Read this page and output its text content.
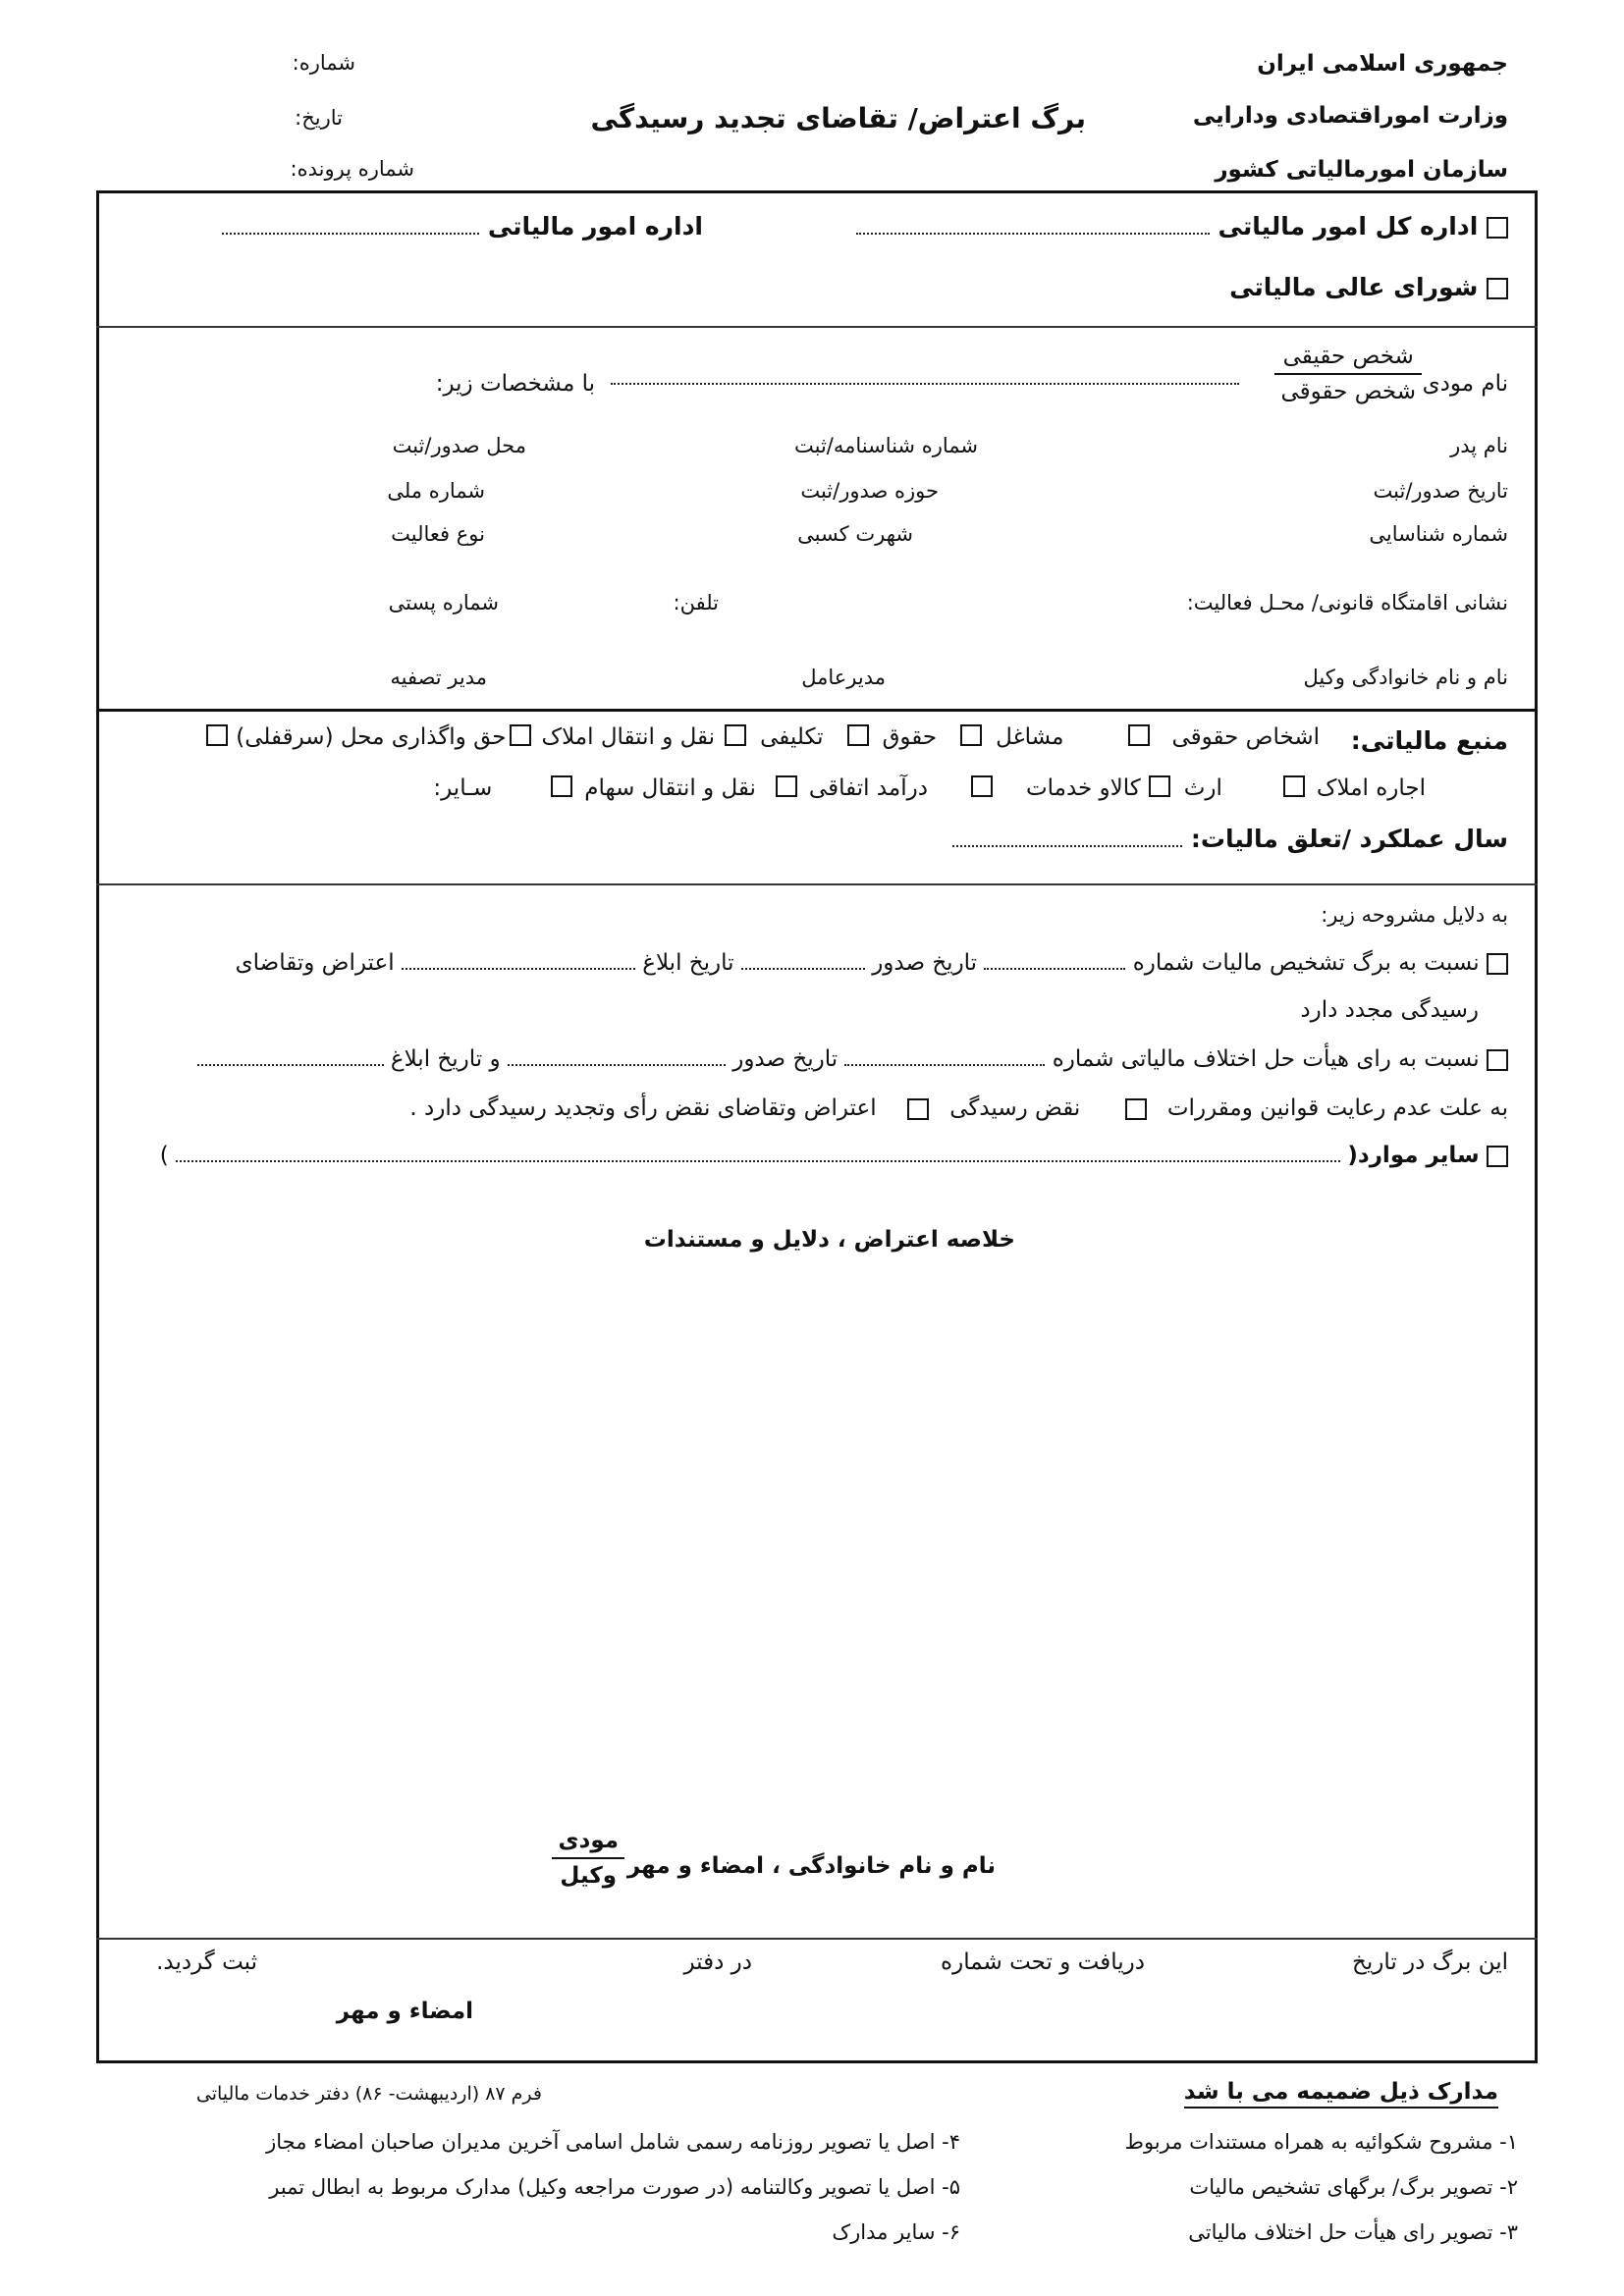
جمهوری اسلامی ایران
وزارت اموراقتصادی ودارایی
سازمان امورمالیاتی کشور
برگ اعتراض/ تقاضای تجدید رسیدگی
شماره:
تاریخ:
شماره پرونده:
اداره کل امور مالیاتی
اداره امور مالیاتی
شورای عالی مالیاتی
نام مودی
$\frac{\text{شخص حقیقی}}{\text{شخص حقوقی}}$
با مشخصات زیر:
نام پدر
شماره شناسنامه/ثبت
محل صدور/ثبت
تاریخ صدور/ثبت
حوزه صدور/ثبت
شماره ملی
شماره شناسایی
شهرت کسبی
نوع فعالیت
نشانی اقامتگاه قانونی/ محـل فعالیت:
تلفن:
شماره پستی
نام و نام خانوادگی وکیل
مدیرعامل
مدیر تصفیه
منبع مالیاتی:
اشخاص حقوقی
مشاغل
حقوق
تکلیفی
نقل و انتقال املاک
حق واگذاری محل (سرقفلی)
اجاره املاک
ارث
کالاو خدمات
درآمد اتفاقی
نقل و انتقال سهام
سـایر:
سال عملکرد /تعلق مالیات:
به دلایل مشروحه زیر:
نسبت به برگ تشخیص مالیات شماره  تاریخ صدور  تاریخ ابلاغ  اعتراض وتقاضای
رسیدگی مجدد دارد
نسبت به رای هیأت حل اختلاف مالیاتی شماره  تاریخ صدور  و تاریخ ابلاغ
به علت عدم رعایت قوانین ومقررات  نقض رسیدگی  اعتراض وتقاضای نقض رأی وتجدید رسیدگی دارد .
سایر موارد(  )
خلاصه اعتراض ، دلایل و مستندات
نام و نام خانوادگی ، امضاء و مهر
$\frac{\text{مودی}}{\text{وکیل}}$
این برگ در تاریخ
دریافت و تحت شماره
در دفتر
ثبت گردید.
امضاء و مهر
مدارک ذیل ضمیمه می با شد
فرم ۸۷ (اردیبهشت- ۸۶) دفتر خدمات مالیاتی
۱- مشروح شکوائیه به همراه مستندات مربوط
۲- تصویر برگ/ برگهای تشخیص مالیات
۳- تصویر رای هیأت حل اختلاف مالیاتی
۴- اصل یا تصویر روزنامه رسمی شامل اسامی آخرین مدیران صاحبان امضاء مجاز
۵- اصل یا تصویر وکالتنامه (در صورت مراجعه وکیل) مدارک مربوط به ابطال تمبر
۶- سایر مدارک
